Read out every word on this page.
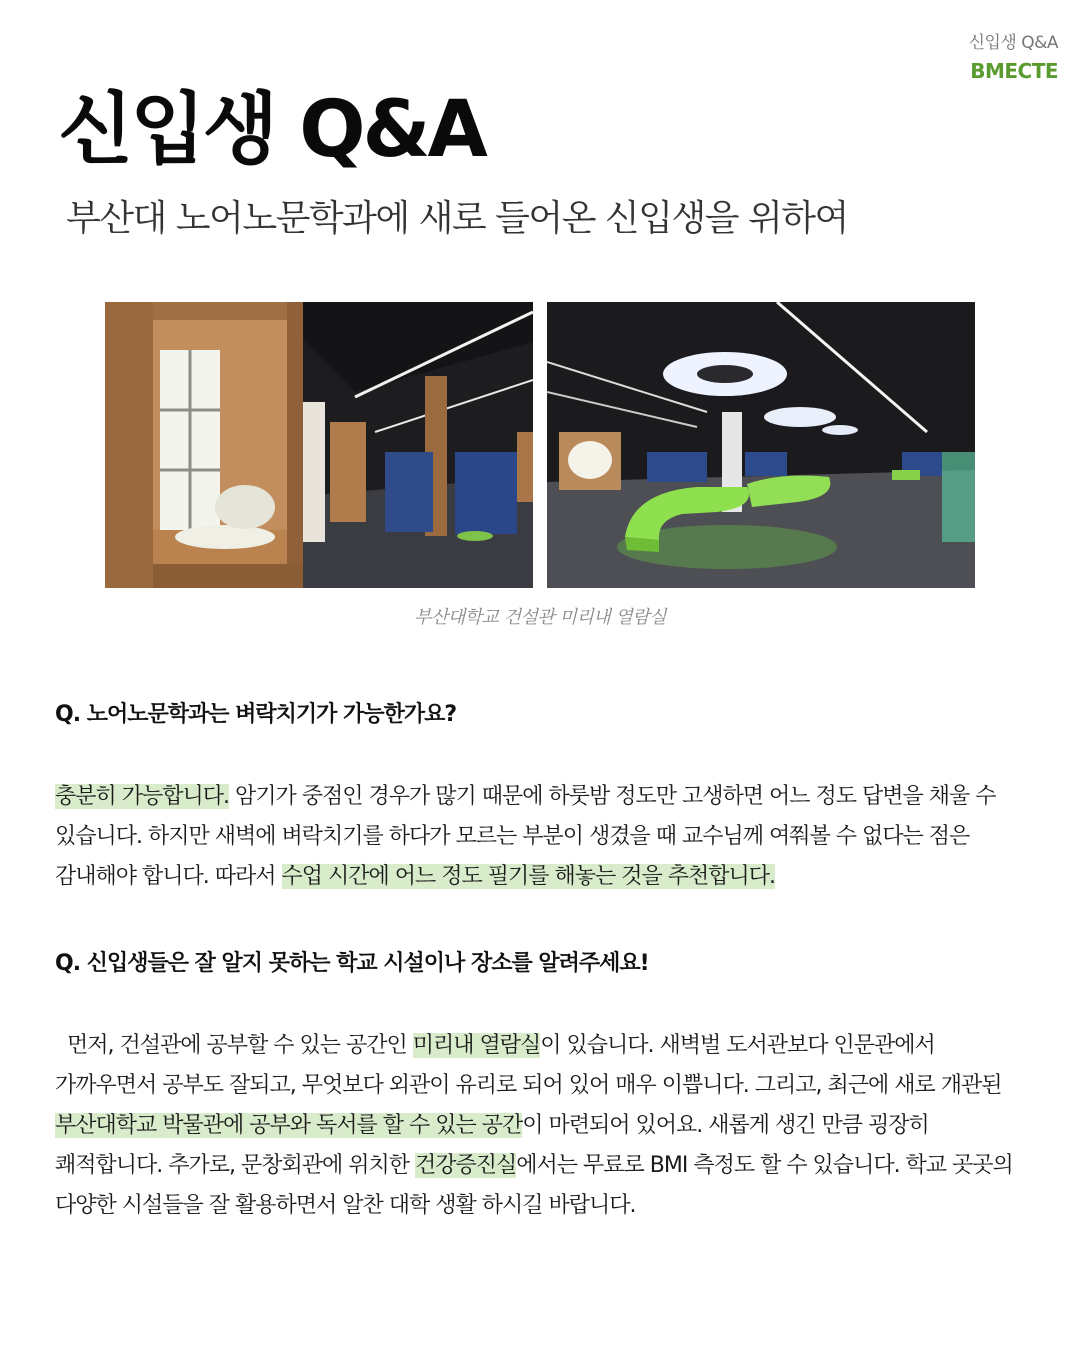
신입생 Q&A
BMECTE
신입생 Q&A

부산대 노어노문학과에 새로 들어온 신입생을 위하여

부산대학교 건설관 미리내 열람실

Q. 노어노문학과는 벼락치기가 가능한가요?

충분히 가능합니다. 암기가 중점인 경우가 많기 때문에 하룻밤 정도만 고생하면 어느 정도 답변을 채울 수 있습니다. 하지만 새벽에 벼락치기를 하다가 모르는 부분이 생겼을 때 교수님께 여쭤볼 수 없다는 점은 감내해야 합니다. 따라서 수업 시간에 어느 정도 필기를 해놓는 것을 추천합니다.

Q. 신입생들은 잘 알지 못하는 학교 시설이나 장소를 알려주세요!

먼저, 건설관에 공부할 수 있는 공간인 미리내 열람실이 있습니다. 새벽벌 도서관보다 인문관에서 가까우면서 공부도 잘되고, 무엇보다 외관이 유리로 되어 있어 매우 이쁩니다. 그리고, 최근에 새로 개관된 부산대학교 박물관에 공부와 독서를 할 수 있는 공간이 마련되어 있어요. 새롭게 생긴 만큼 굉장히 쾌적합니다. 추가로, 문창회관에 위치한 건강증진실에서는 무료로 BMI 측정도 할 수 있습니다. 학교 곳곳의 다양한 시설들을 잘 활용하면서 알찬 대학 생활 하시길 바랍니다.
